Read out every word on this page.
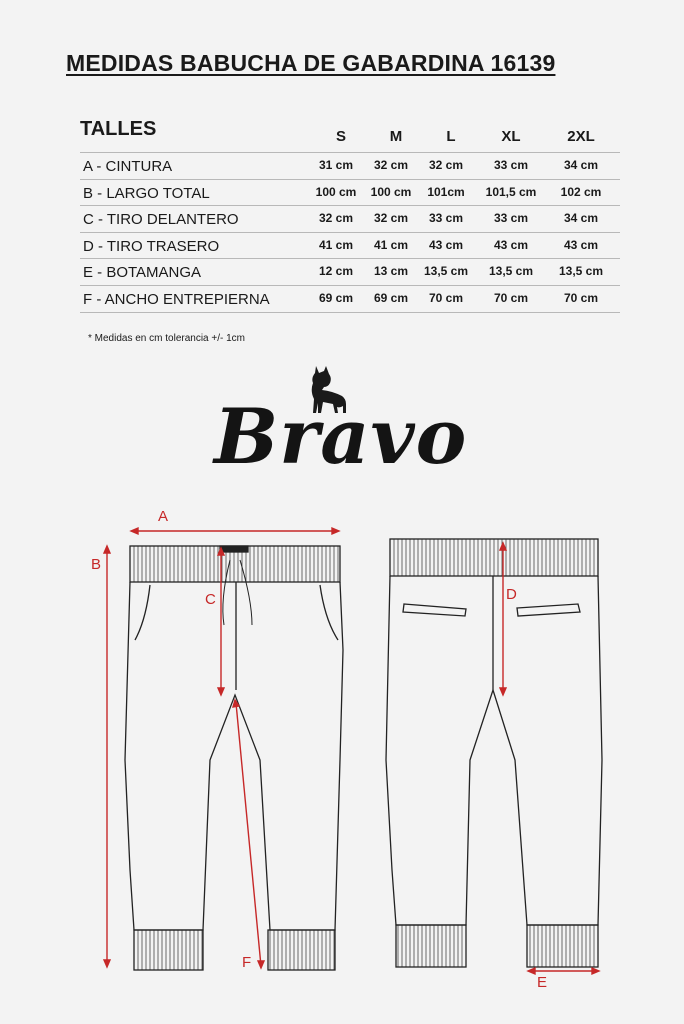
MEDIDAS BABUCHA DE GABARDINA 16139
TALLES	S	M	L	XL	2XL
A - CINTURA	31 cm	32 cm	32 cm	33 cm	34 cm
B - LARGO TOTAL	100 cm	100 cm	101cm	101,5 cm	102 cm
C - TIRO DELANTERO	32 cm	32 cm	33 cm	33 cm	34 cm
D - TIRO TRASERO	41 cm	41 cm	43 cm	43 cm	43 cm
E - BOTAMANGA	12 cm	13 cm	13,5 cm	13,5 cm	13,5 cm
F - ANCHO ENTREPIERNA	69 cm	69 cm	70 cm	70 cm	70 cm
* Medidas en cm tolerancia +/- 1cm
Bravo
A
B
C	D
E
F
